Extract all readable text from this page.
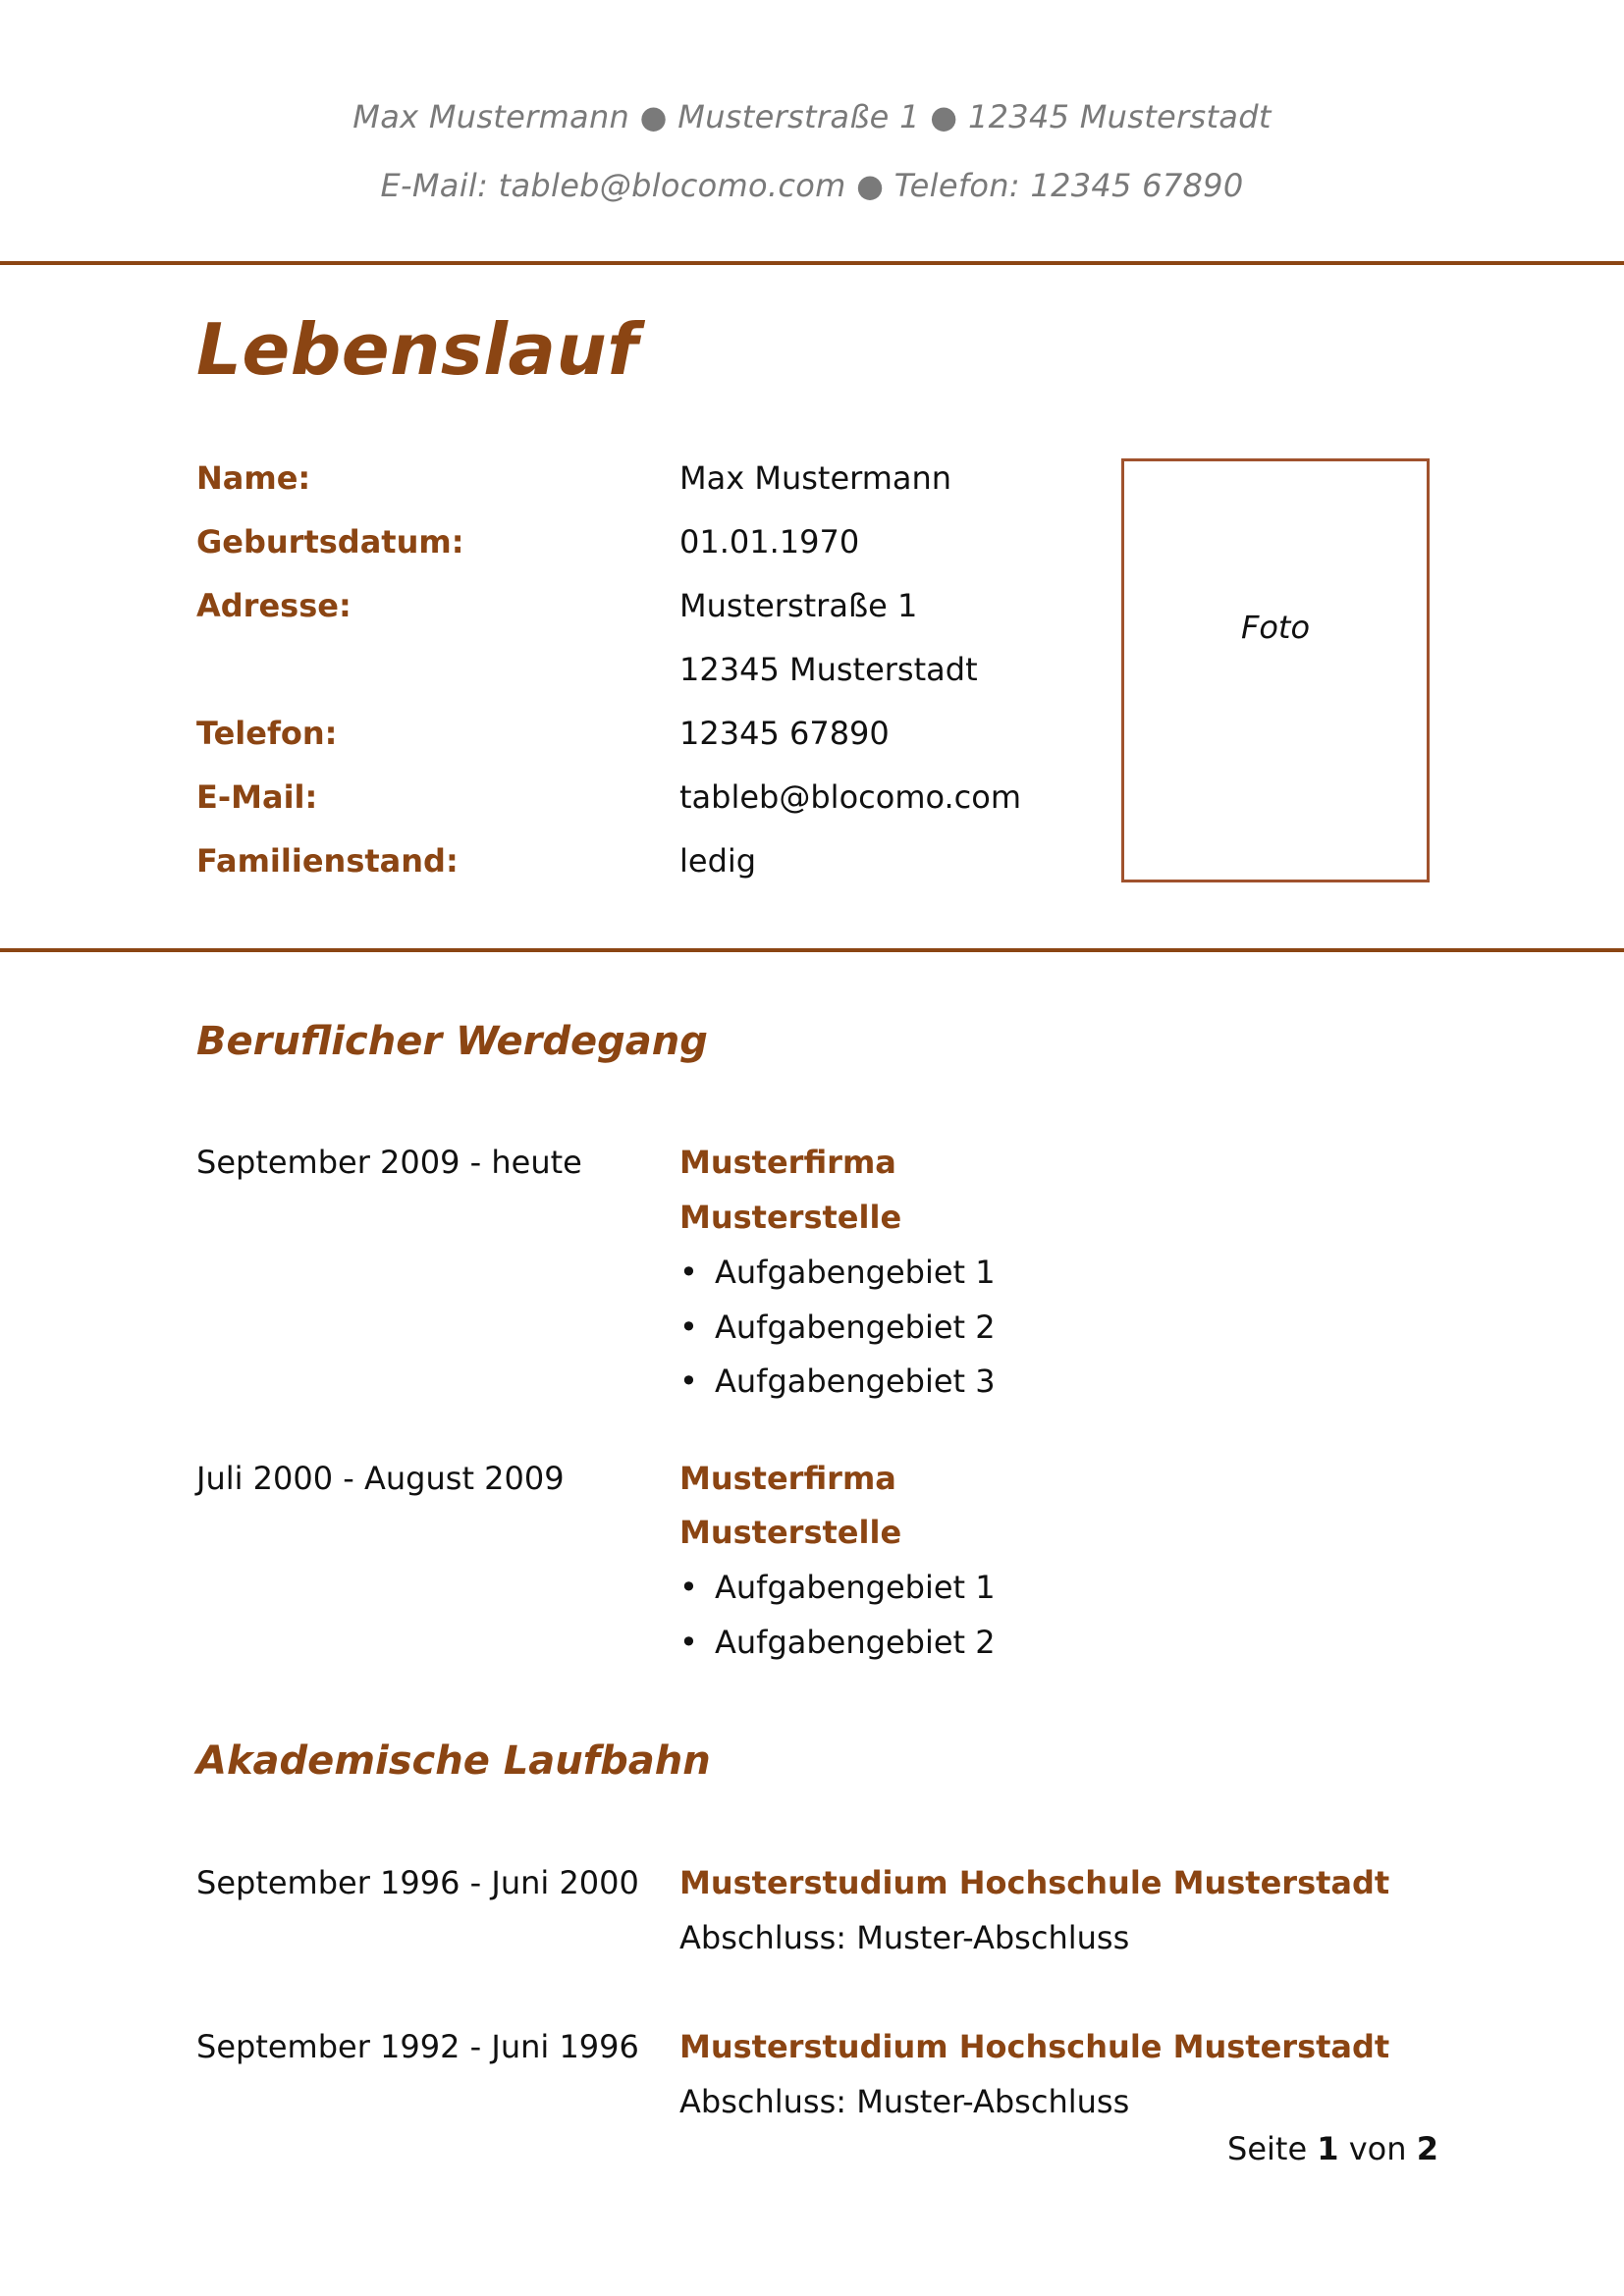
Max Mustermann ● Musterstraße 1 ● 12345 Musterstadt
E-Mail: tableb@blocomo.com ● Telefon: 12345 67890
Lebenslauf
Name:	Max Mustermann
Geburtsdatum:	01.01.1970
Adresse:	Musterstraße 1
12345 Musterstadt
Telefon:	12345 67890
E-Mail:	tableb@blocomo.com
Familienstand:	ledig
Foto
Beruflicher Werdegang
September 2009 - heute	Musterfirma
Musterstelle
• Aufgabengebiet 1
• Aufgabengebiet 2
• Aufgabengebiet 3
Juli 2000 - August 2009	Musterfirma
Musterstelle
• Aufgabengebiet 1
• Aufgabengebiet 2
Akademische Laufbahn
September 1996 - Juni 2000 Musterstudium Hochschule Musterstadt
Abschluss: Muster-Abschluss
September 1992 - Juni 1996 Musterstudium Hochschule Musterstadt
Abschluss: Muster-Abschluss
Seite 1 von 2
